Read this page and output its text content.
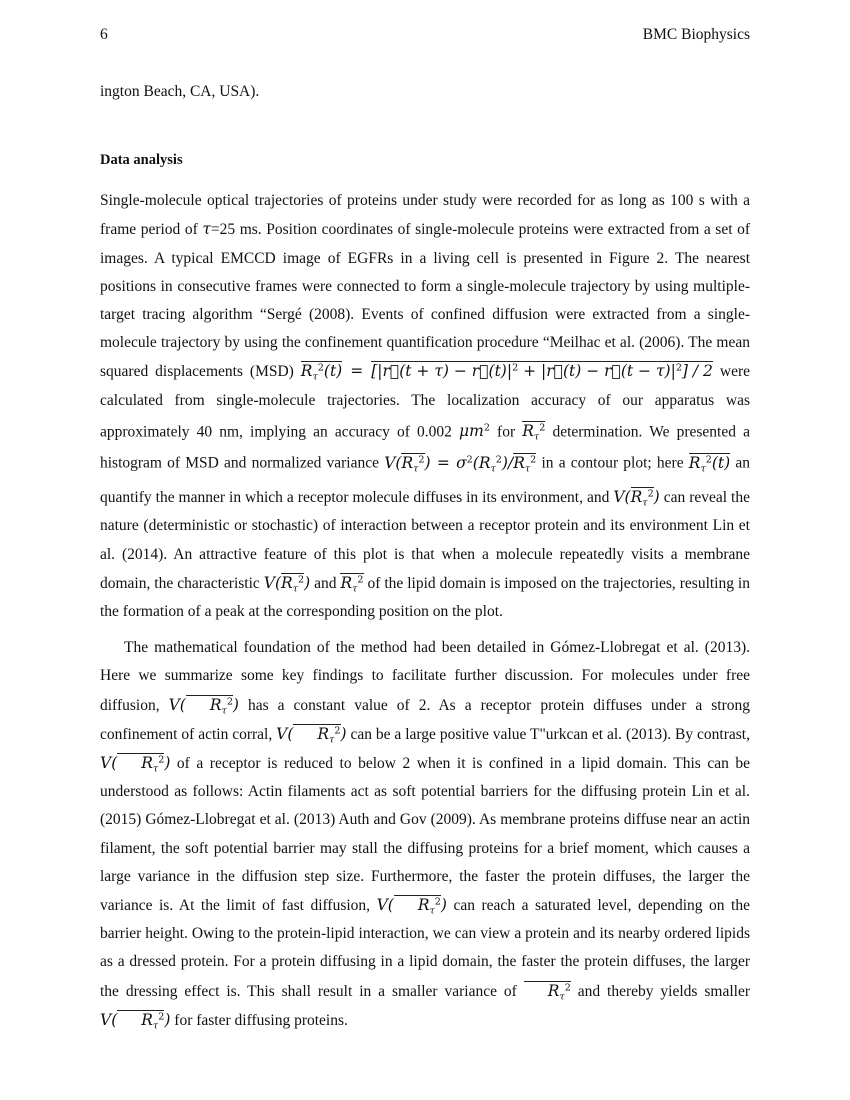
6	BMC Biophysics

ington Beach, CA, USA).

Data analysis

Single-molecule optical trajectories of proteins under study were recorded for as long as 100 s with a frame period of τ=25 ms. Position coordinates of single-molecule proteins were extracted from a set of images. A typical EMCCD image of EGFRs in a living cell is presented in Figure 2. The nearest positions in consecutive frames were connected to form a single-molecule trajectory by using multiple-target tracing algorithm “Sergé (2008). Events of confined diffusion were extracted from a single-molecule trajectory by using the confinement quantification procedure “Meilhac et al. (2006). The mean squared displacements (MSD) $R_\tau^2(t)$ = [|r⃗(t + $\tau) - r⃗(t)|^2$ + |r⃗(t) − r⃗(t − $\tau)|^2] / 2$ were calculated from single-molecule trajectories. The localization accuracy of our apparatus was approximately 40 nm, implying an accuracy of 0.002 $\mu m^2$ for $R_\tau^2$ determination. We presented a histogram of MSD and normalized variance $V(R_\tau^2) = \sigma^2(R_\tau^2)/R_\tau^2$ in a contour plot; here $R_\tau^2(t)$ an quantify the manner in which a receptor molecule diffuses in its environment, and $V(R_\tau^2)$ can reveal the nature (deterministic or stochastic) of interaction between a receptor protein and its environment Lin et al. (2014). An attractive feature of this plot is that when a molecule repeatedly visits a membrane domain, the characteristic $V(R_\tau^2)$ and $R_\tau^2$ of the lipid domain is imposed on the trajectories, resulting in the formation of a peak at the corresponding position on the plot.

The mathematical foundation of the method had been detailed in Gómez-Llobregat et al. (2013). Here we summarize some key findings to facilitate further discussion. For molecules under free diffusion, V( $R_\tau^2$) has a constant value of 2. As a receptor protein diffuses under a strong confinement of actin corral, V( $R_\tau^2$) can be a large positive value T"urkcan et al. (2013). By contrast, V( $R_\tau^2$) of a receptor is reduced to below 2 when it is confined in a lipid domain. This can be understood as follows: Actin filaments act as soft potential barriers for the diffusing protein Lin et al. (2015) Gómez-Llobregat et al. (2013) Auth and Gov (2009). As membrane proteins diffuse near an actin filament, the soft potential barrier may stall the diffusing proteins for a brief moment, which causes a large variance in the diffusion step size. Furthermore, the faster the protein diffuses, the larger the variance is. At the limit of fast diffusion, V( $R_\tau^2$) can reach a saturated level, depending on the barrier height. Owing to the protein-lipid interaction, we can view a protein and its nearby ordered lipids as a dressed protein. For a protein diffusing in a lipid domain, the faster the protein diffuses, the larger the dressing effect is. This shall result in a smaller variance of $R_\tau^2$ and thereby yields smaller V( $R_\tau^2$) for faster diffusing proteins.
